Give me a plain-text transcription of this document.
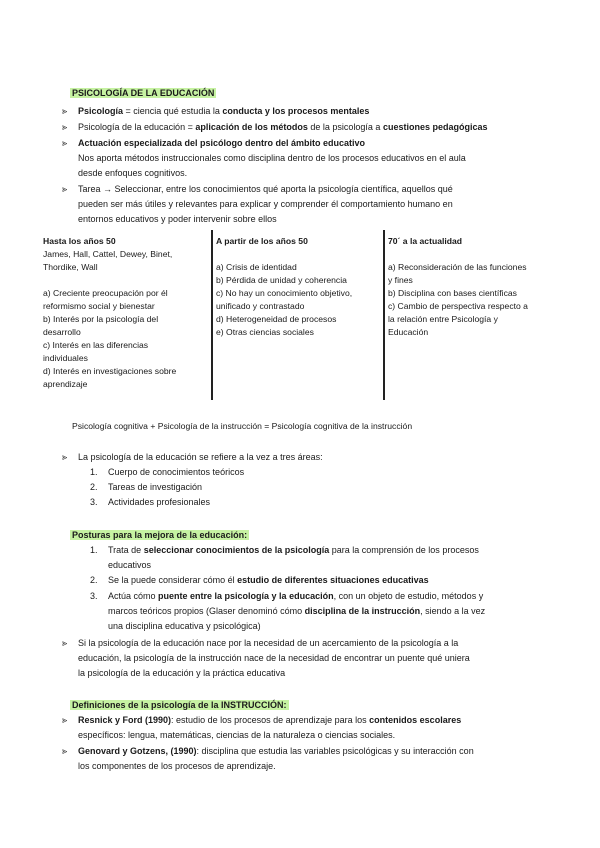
PSICOLOGÍA DE LA EDUCACIÓN
⪢ Psicología = ciencia qué estudia la conducta y los procesos mentales
⪢ Psicología de la educación = aplicación de los métodos de la psicología a cuestiones pedagógicas
⪢ Actuación especializada del psicólogo dentro del ámbito educativo
Nos aporta métodos instruccionales como disciplina dentro de los procesos educativos en el aula
desde enfoques cognitivos.
⪢ Tarea → Seleccionar, entre los conocimientos qué aporta la psicología científica, aquellos qué
pueden ser más útiles y relevantes para explicar y comprender él comportamiento humano en
entornos educativos y poder intervenir sobre ellos
Hasta los años 50
James, Hall, Cattel, Dewey, Binet,
Thordike, Wall
a) Creciente preocupación por él
reformismo social y bienestar
b) Interés por la psicología del
desarrollo
c) Interés en las diferencias
individuales
d) Interés en investigaciones sobre
aprendizaje
A partir de los años 50
a) Crisis de identidad
b) Pérdida de unidad y coherencia
c) No hay un conocimiento objetivo,
unificado y contrastado
d) Heterogeneidad de procesos
e) Otras ciencias sociales
70´ a la actualidad
a) Reconsideración de las funciones
y fines
b) Disciplina con bases científicas
c) Cambio de perspectiva respecto a
la relación entre Psicología y
Educación
Psicología cognitiva + Psicología de la instrucción = Psicología cognitiva de la instrucción
⪢ La psicología de la educación se refiere a la vez a tres áreas:
1. Cuerpo de conocimientos teóricos
2. Tareas de investigación
3. Actividades profesionales
Posturas para la mejora de la educación:
1. Trata de seleccionar conocimientos de la psicología para la comprensión de los procesos
educativos
2. Se la puede considerar cómo él estudio de diferentes situaciones educativas
3. Actúa cómo puente entre la psicología y la educación, con un objeto de estudio, métodos y
marcos teóricos propios (Glaser denominó cómo disciplina de la instrucción, siendo a la vez
una disciplina educativa y psicológica)
⪢ Si la psicología de la educación nace por la necesidad de un acercamiento de la psicología a la
educación, la psicología de la instrucción nace de la necesidad de encontrar un puente qué uniera
la psicología de la educación y la práctica educativa
Definiciones de la psicología de la INSTRUCCIÓN:
⪢ Resnick y Ford (1990): estudio de los procesos de aprendizaje para los contenidos escolares
específicos: lengua, matemáticas, ciencias de la naturaleza o ciencias sociales.
⪢ Genovard y Gotzens, (1990): disciplina que estudia las variables psicológicas y su interacción con
los componentes de los procesos de aprendizaje.
